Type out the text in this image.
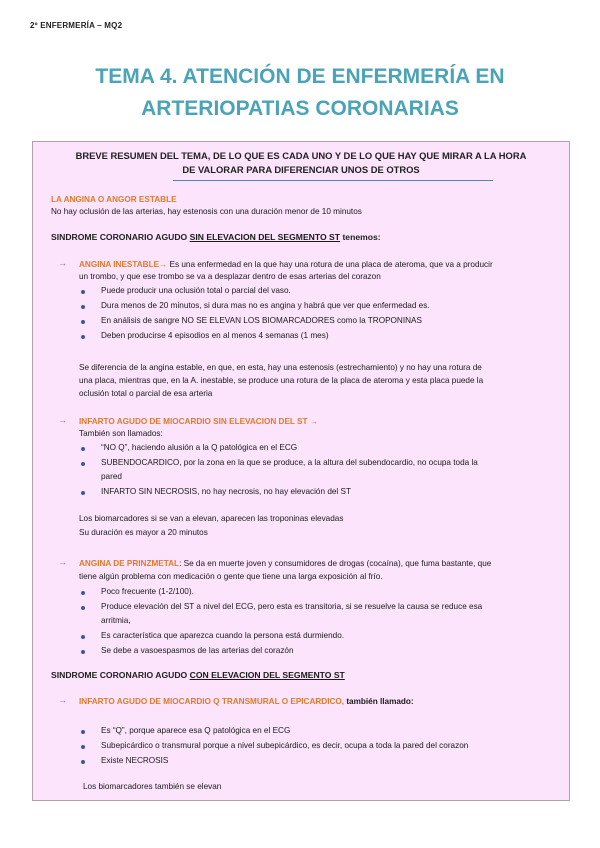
2º ENFERMERÍA – MQ2
TEMA 4. ATENCIÓN DE ENFERMERÍA EN
ARTERIOPATIAS CORONARIAS
BREVE RESUMEN DEL TEMA, DE LO QUE ES CADA UNO Y DE LO QUE HAY QUE MIRAR A LA HORA
DE VALORAR PARA DIFERENCIAR UNOS DE OTROS
LA ANGINA O ANGOR ESTABLE
No hay oclusión de las arterias, hay estenosis con una duración menor de 10 minutos
SINDROME CORONARIO AGUDO SIN ELEVACION DEL SEGMENTO ST tenemos:
→ ANGINA INESTABLE→ Es una enfermedad en la que hay una rotura de una placa de ateroma, que va a producir
un trombo, y que ese trombo se va a desplazar dentro de esas arterias del corazon
Puede producir una oclusión total o parcial del vaso.
Dura menos de 20 minutos, si dura mas no es angina y habrá que ver que enfermedad es.
En análisis de sangre NO SE ELEVAN LOS BIOMARCADORES como la TROPONINAS
Deben producirse 4 episodios en al menos 4 semanas (1 mes)
Se diferencia de la angina estable, en que, en esta, hay una estenosis (estrechamiento) y no hay una rotura de
una placa, mientras que, en la A. inestable, se produce una rotura de la placa de ateroma y esta placa puede la
oclusión total o parcial de esa arteria
→ INFARTO AGUDO DE MIOCARDIO SIN ELEVACION DEL ST →
También son llamados:
“NO Q”, haciendo alusión a la Q patológica en el ECG
SUBENDOCARDICO, por la zona en la que se produce, a la altura del subendocardio, no ocupa toda la
pared
INFARTO SIN NECROSIS, no hay necrosis, no hay elevación del ST
Los biomarcadores si se van a elevan, aparecen las troponinas elevadas
Su duración es mayor a 20 minutos
→ ANGINA DE PRINZMETAL: Se da en muerte joven y consumidores de drogas (cocaína), que fuma bastante, que
tiene algún problema con medicación o gente que tiene una larga exposición al frío.
Poco frecuente (1-2/100).
Produce elevación del ST a nivel del ECG, pero esta es transitoria, si se resuelve la causa se reduce esa
arritmia,
Es característica que aparezca cuando la persona está durmiendo.
Se debe a vasoespasmos de las arterias del corazón
SINDROME CORONARIO AGUDO CON ELEVACION DEL SEGMENTO ST
→ INFARTO AGUDO DE MIOCARDIO Q TRANSMURAL O EPICARDICO, también llamado:
Es “Q”, porque aparece esa Q patológica en el ECG
Subepicárdico o transmural porque a nivel subepicárdico, es decir, ocupa a toda la pared del corazon
Existe NECROSIS
Los biomarcadores también se elevan
